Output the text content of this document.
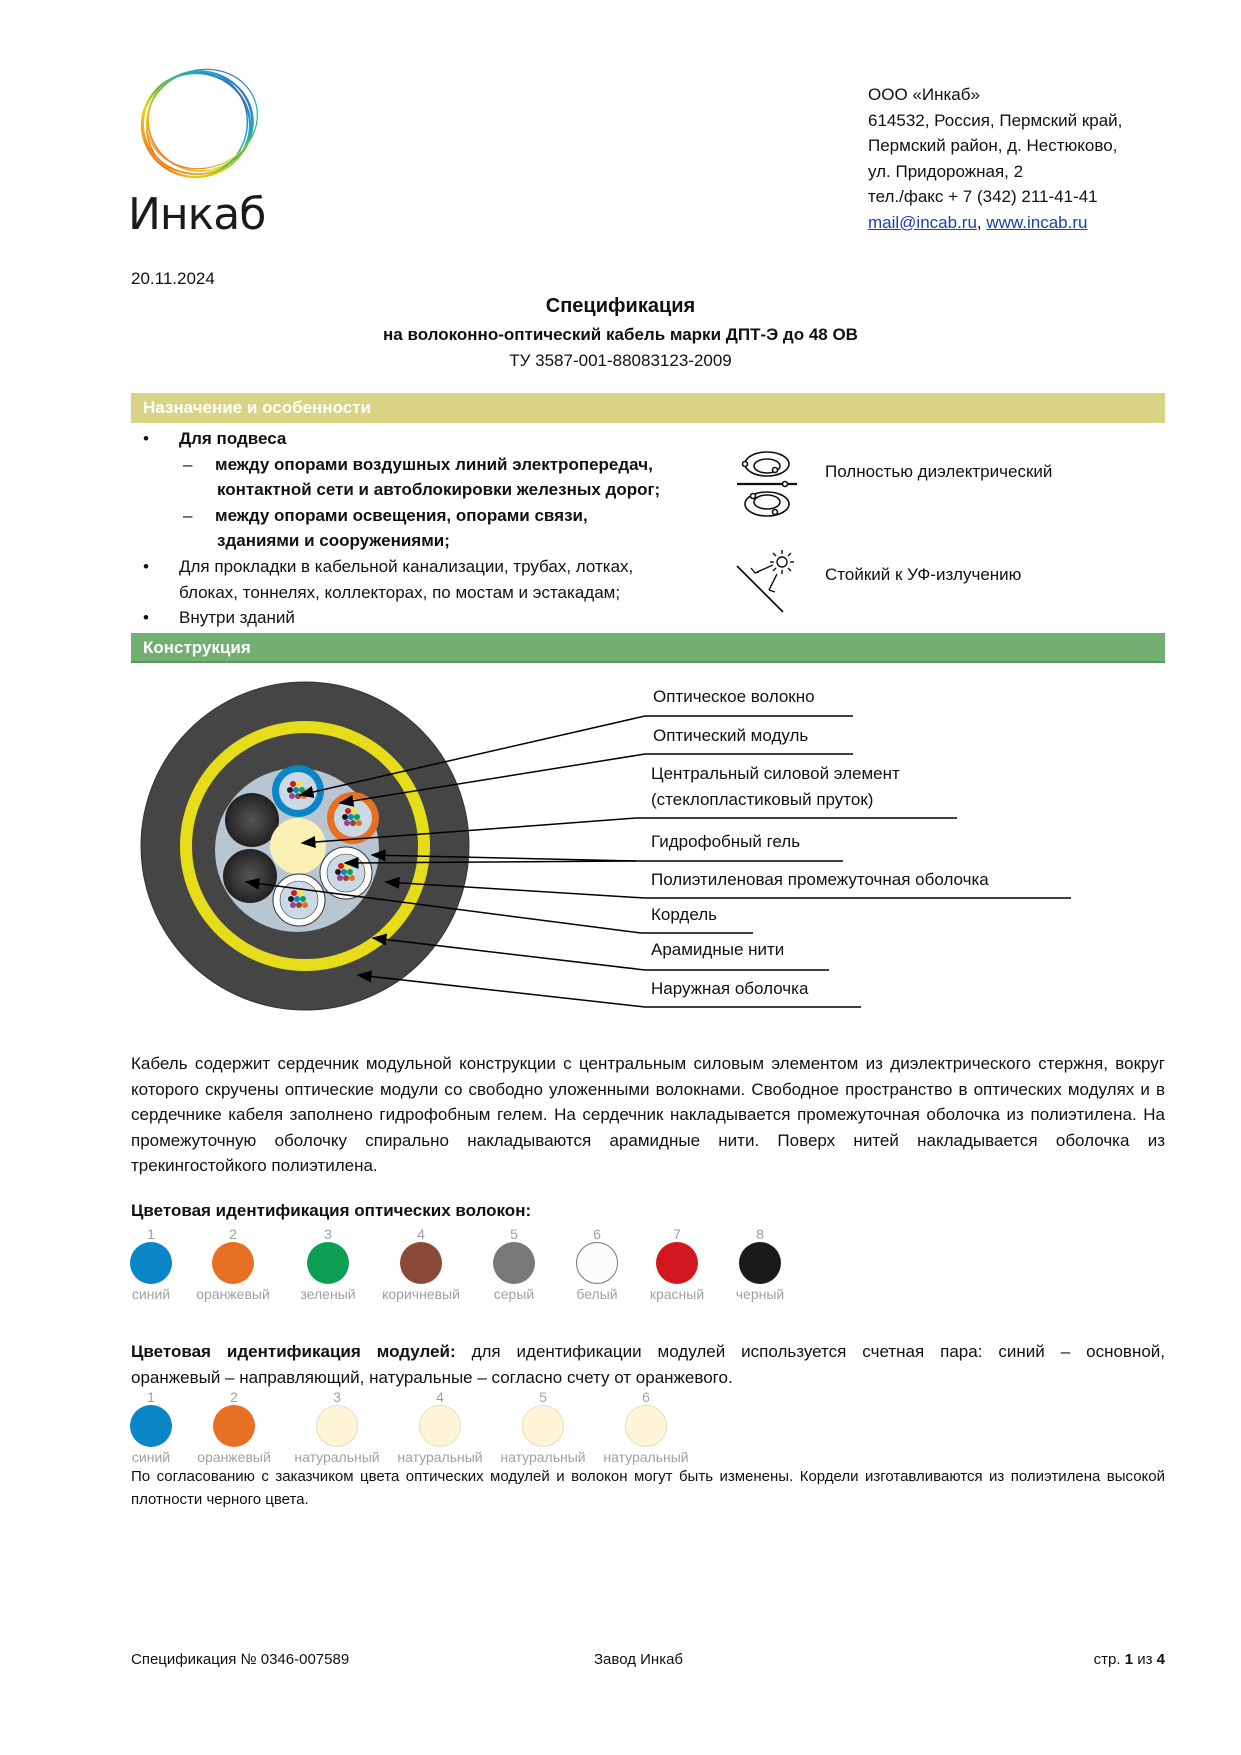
Инкаб
ООО «Инкаб»
614532, Россия, Пермский край,
Пермский район, д. Нестюково,
ул. Придорожная, 2
тел./факс + 7 (342) 211-41-41
mail@incab.ru, www.incab.ru
20.11.2024
Спецификация
на волоконно-оптический кабель марки ДПТ-Э до 48 ОВ
ТУ 3587-001-88083123-2009
Назначение и особенности
• Для подвеса
– между опорами воздушных линий электропередач,
контактной сети и автоблокировки железных дорог;
– между опорами освещения, опорами связи,
зданиями и сооружениями;
• Для прокладки в кабельной канализации, трубах, лотках,
блоках, тоннелях, коллекторах, по мостам и эстакадам;
• Внутри зданий
Полностью диэлектрический
Стойкий к УФ-излучению
Конструкция
Оптическое волокно
Оптический модуль
Центральный силовой элемент
(стеклопластиковый пруток)
Гидрофобный гель
Полиэтиленовая промежуточная оболочка
Кордель
Арамидные нити
Наружная оболочка
Кабель содержит сердечник модульной конструкции с центральным силовым элементом из диэлектрического стержня, вокруг которого скручены оптические модули со свободно уложенными волокнами. Свободное пространство в оптических модулях и в сердечнике кабеля заполнено гидрофобным гелем. На сердечник накладывается промежуточная оболочка из полиэтилена. На промежуточную оболочку спирально накладываются арамидные нити. Поверх нитей накладывается оболочка из трекингостойкого полиэтилена.
Цветовая идентификация оптических волокон:
1
синий
2
оранжевый
3
зеленый
4
коричневый
5
серый
6
белый
7
красный
8
черный
Цветовая идентификация модулей: для идентификации модулей используется счетная пара: синий – основной,
оранжевый – направляющий, натуральные – согласно счету от оранжевого.
1
синий
2
оранжевый
3
натуральный
4
натуральный
5
натуральный
6
натуральный
По согласованию с заказчиком цвета оптических модулей и волокон могут быть изменены. Кордели изготавливаются из полиэтилена высокой плотности черного цвета.
Спецификация № 0346-007589	Завод Инкаб	стр. 1 из 4
